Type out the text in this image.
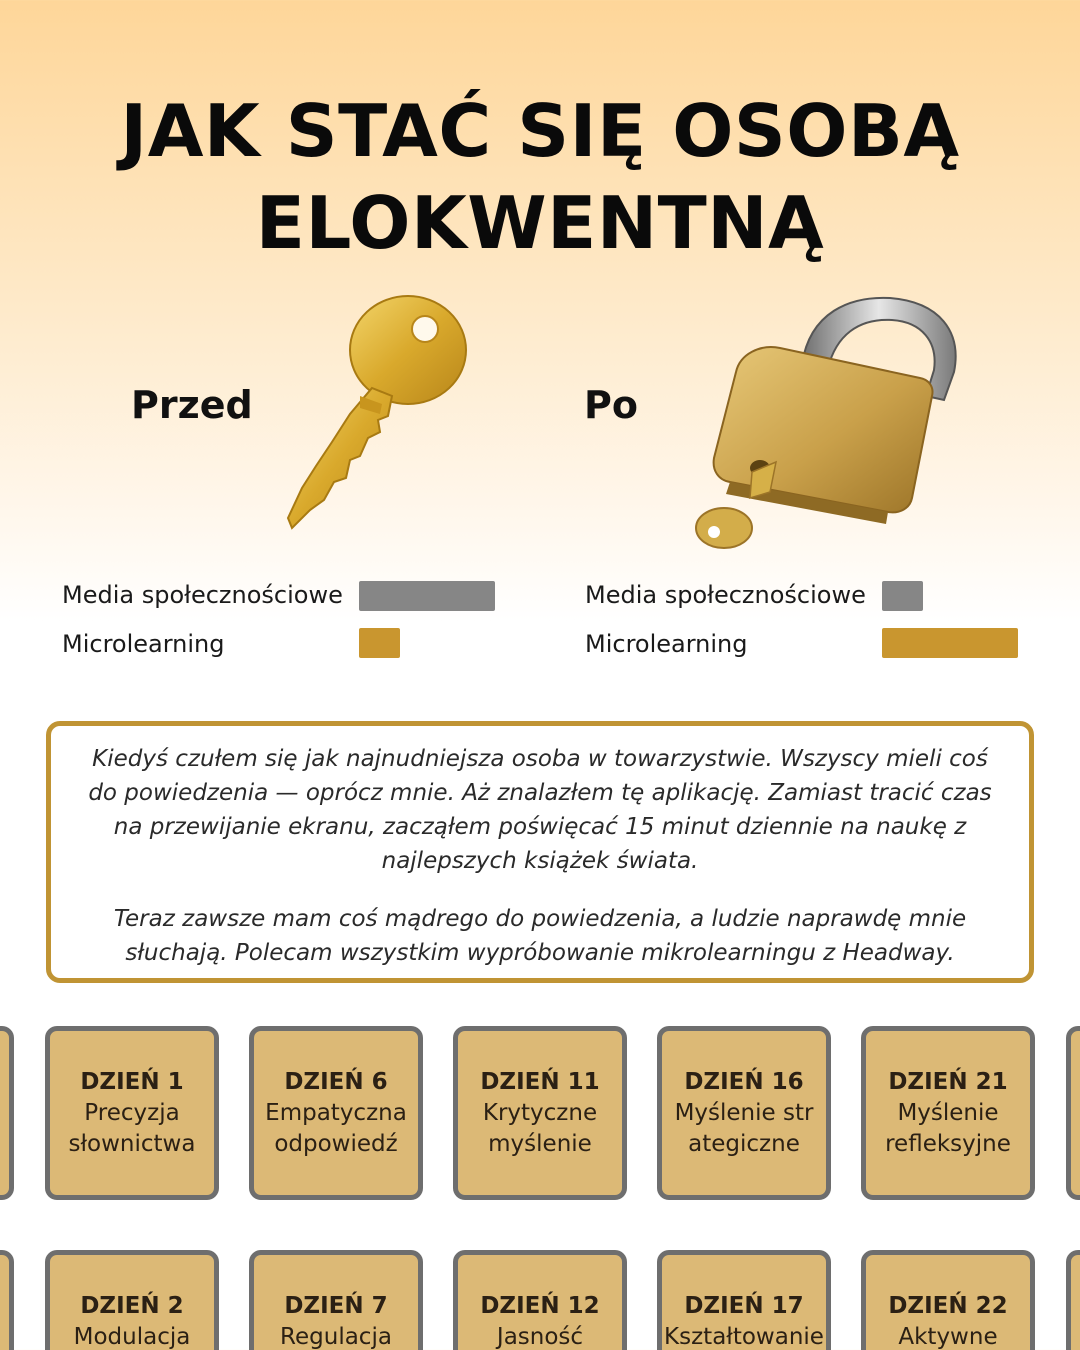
JAK STAĆ SIĘ OSOBĄ
ELOKWENTNĄ
Przed	Po
Media społecznościowe
Microlearning
Media społecznościowe
Microlearning

Kiedyś czułem się jak najnudniejsza osoba w towarzystwie. Wszyscy mieli coś do powiedzenia — oprócz mnie. Aż znalazłem tę aplikację. Zamiast tracić czas na przewijanie ekranu, zacząłem poświęcać 15 minut dziennie na naukę z najlepszych książek świata.

Teraz zawsze mam coś mądrego do powiedzenia, a ludzie naprawdę mnie słuchają. Polecam wszystkim wypróbowanie mikrolearningu z Headway.

DZIEŃ 1
Precyzja słownictwa
DZIEŃ 6
Empatyczna odpowiedź
DZIEŃ 11
Krytyczne myślenie
DZIEŃ 16
Myślenie strategiczne
DZIEŃ 21
Myślenie refleksyjne
DZIEŃ 2
Modulacja
DZIEŃ 7
Regulacja
DZIEŃ 12
Jasność
DZIEŃ 17
Kształtowanie
DZIEŃ 22
Aktywne
